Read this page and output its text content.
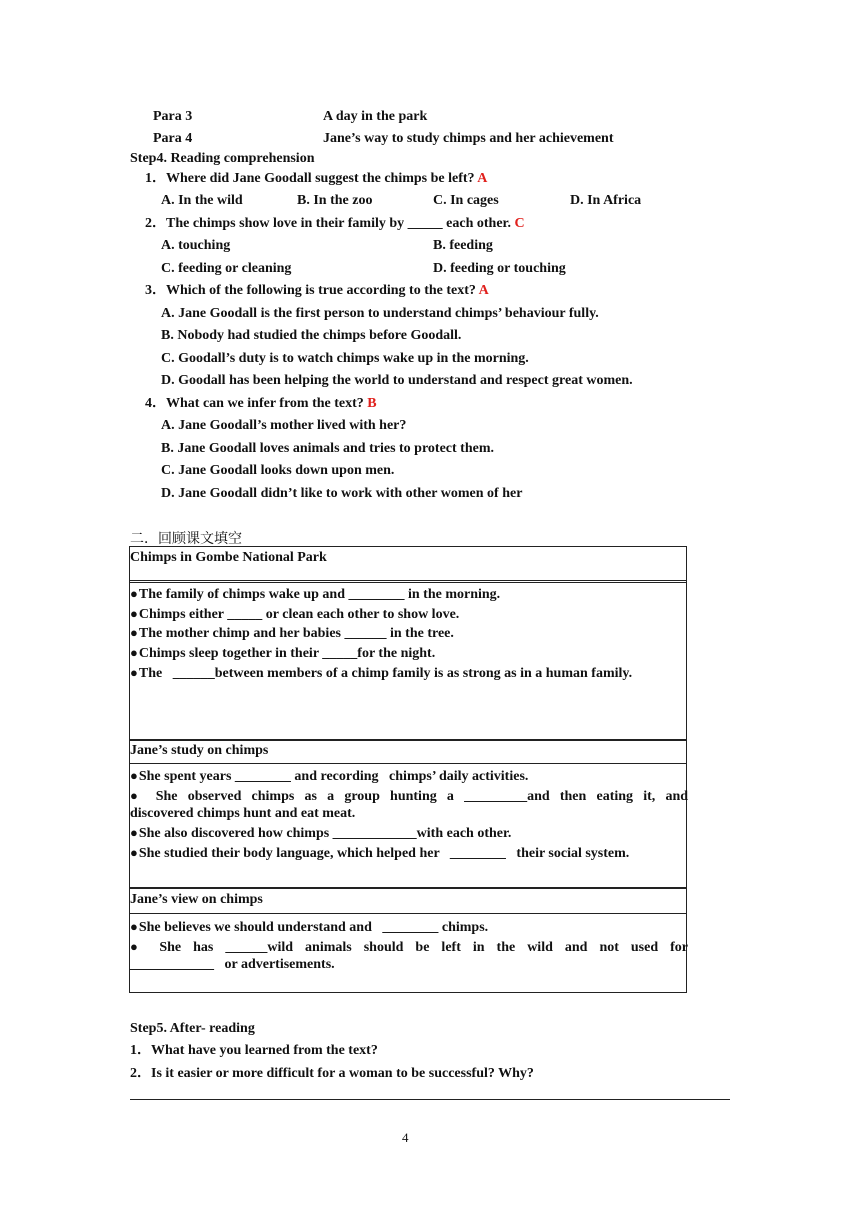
Para 3	A day in the park
Para 4	Jane’s way to study chimps and her achievement
Step4. Reading comprehension
1．Where did Jane Goodall suggest the chimps be left? A
A. In the wild	B. In the zoo	C. In cages	D. In Africa
2．The chimps show love in their family by _____ each other. C
A. touching	B. feeding
C. feeding or cleaning	D. feeding or touching
3．Which of the following is true according to the text? A
A. Jane Goodall is the first person to understand chimps’ behaviour fully.
B. Nobody had studied the chimps before Goodall.
C. Goodall’s duty is to watch chimps wake up in the morning.
D. Goodall has been helping the world to understand and respect great women.
4．What can we infer from the text? B
A. Jane Goodall’s mother lived with her?
B. Jane Goodall loves animals and tries to protect them.
C. Jane Goodall looks down upon men.
D. Jane Goodall didn’t like to work with other women of her
二．回顾课文填空
Chimps in Gombe National Park
●The family of chimps wake up and ________ in the morning.
●Chimps either _____ or clean each other to show love.
●The mother chimp and her babies ______ in the tree.
●Chimps sleep together in their _____for the night.
●The   ______between members of a chimp family is as strong as in a human family.
Jane’s study on chimps
●She spent years ________ and recording   chimps’ daily activities.
● She observed chimps as a group hunting a _________and then eating it, and
discovered chimps hunt and eat meat.
●She also discovered how chimps ____________with each other.
●She studied their body language, which helped her   ________   their social system.
Jane’s view on chimps
●She believes we should understand and   ________ chimps.
● She has ______wild animals should be left in the wild and not used for
____________   or advertisements.
Step5. After- reading
1．What have you learned from the text?
2．Is it easier or more difficult for a woman to be successful? Why?
4
